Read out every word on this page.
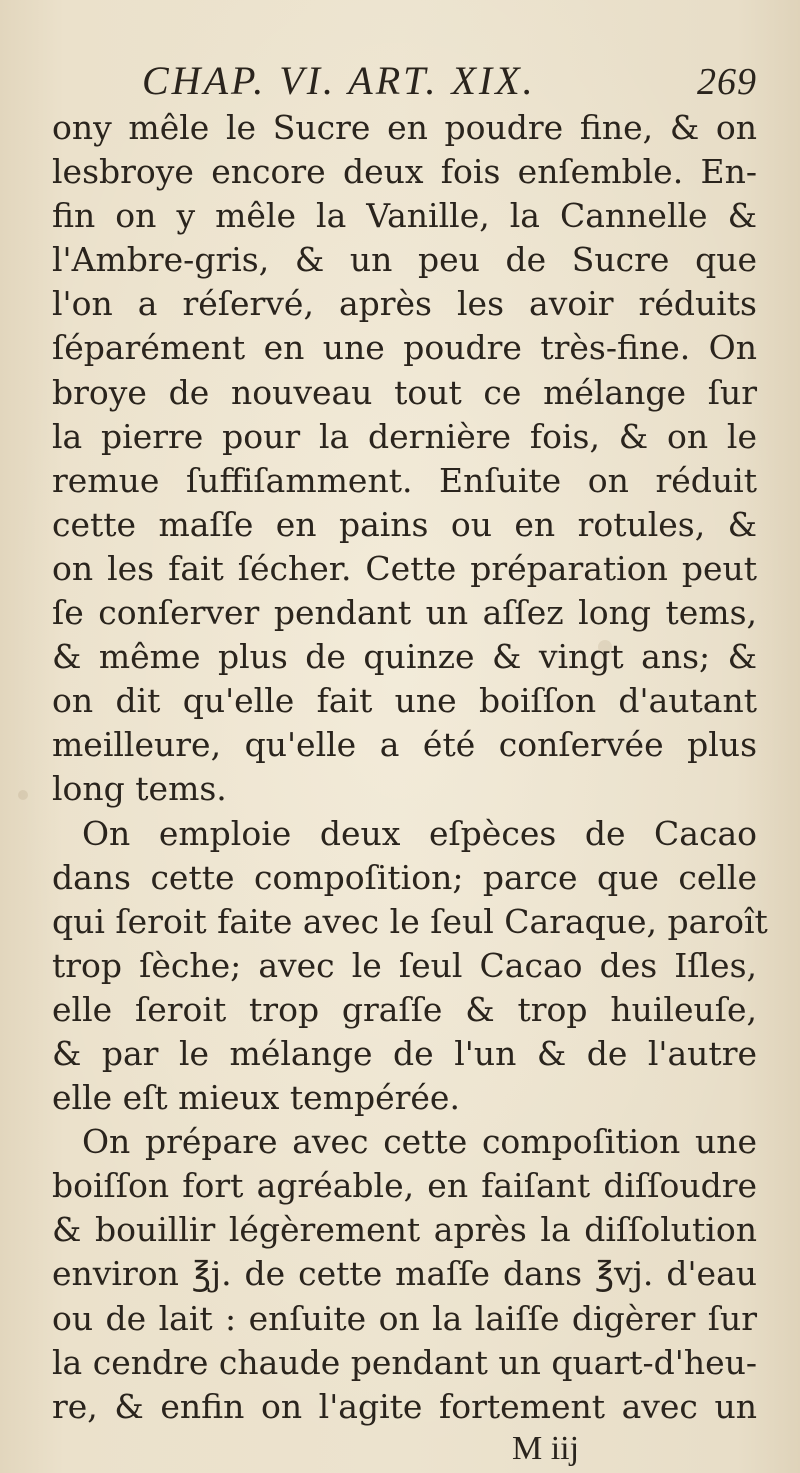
CHAP. VI. ART. XIX.	269
ony mêle le Sucre en poudre fine, & on
lesbroye encore deux fois enſemble. En-
fin on y mêle la Vanille, la Cannelle &
l'Ambre-gris, & un peu de Sucre que
l'on a réſervé, après les avoir réduits
ſéparément en une poudre très-fine. On
broye de nouveau tout ce mélange ſur
la pierre pour la dernière fois, & on le
remue ſuffiſamment. Enſuite on réduit
cette maſſe en pains ou en rotules, &
on les fait ſécher. Cette préparation peut
ſe conſerver pendant un aſſez long tems,
& même plus de quinze & vingt ans; &
on dit qu'elle fait une boiſſon d'autant
meilleure, qu'elle a été conſervée plus
long tems.
On emploie deux eſpèces de Cacao
dans cette compoſition; parce que celle
qui ſeroit faite avec le ſeul Caraque, paroît
trop ſèche; avec le ſeul Cacao des Iſles,
elle ſeroit trop graſſe & trop huileuſe,
& par le mélange de l'un & de l'autre
elle eſt mieux tempérée.
On prépare avec cette compoſition une
boiſſon fort agréable, en faiſant diſſoudre
& bouillir légèrement après la diſſolution
environ ℥j. de cette maſſe dans ℥vj. d'eau
ou de lait : enſuite on la laiſſe digèrer ſur
la cendre chaude pendant un quart-d'heu-
re, & enfin on l'agite fortement avec un
M iij
